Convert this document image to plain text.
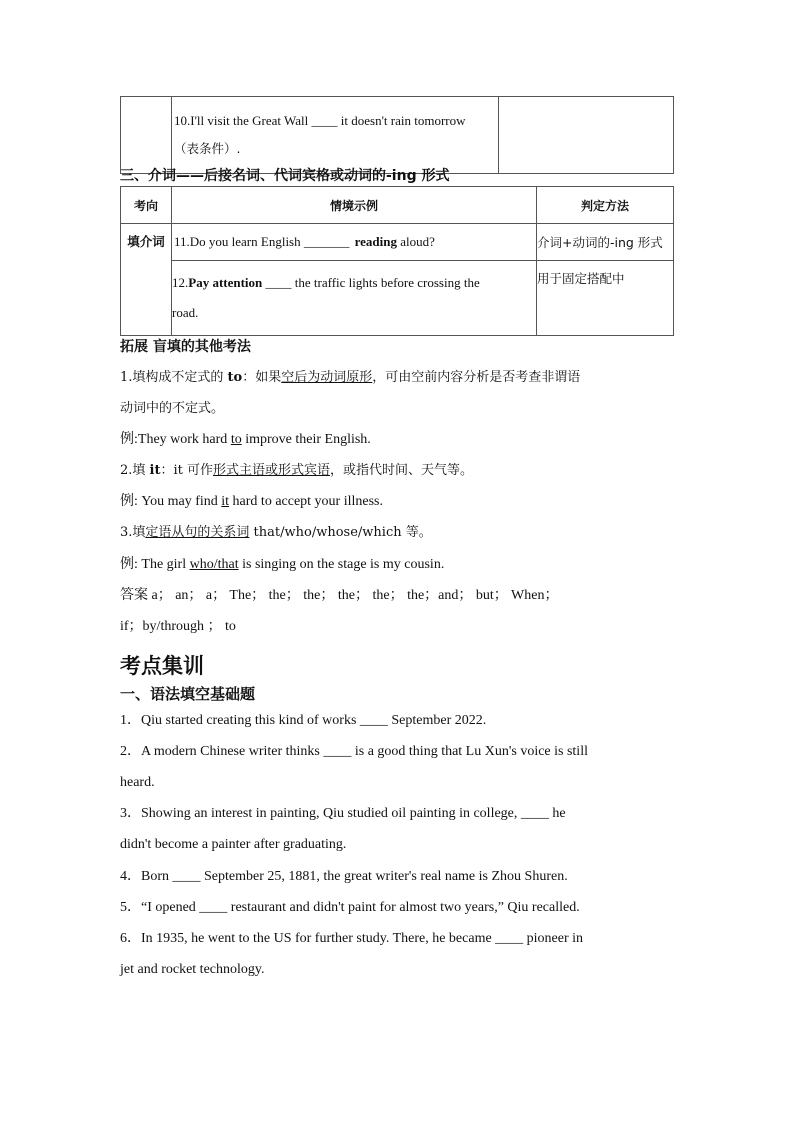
10.I'll visit the Great Wall ____ it doesn't rain tomorrow
（表条件）.

三、介词——后接名词、代词宾格或动词的-ing 形式
考向	情境示例	判定方法
填介词	11.Do you learn English _______ reading aloud?	介词+动词的-ing 形式

	12.Pay attention ____ the traffic lights before crossing the
road.	用于固定搭配中
拓展 盲填的其他考法
1.填构成不定式的 to：如果空后为动词原形，可由空前内容分析是否考查非谓语
动词中的不定式。
例:They work hard to improve their English.
2.填 it：it 可作形式主语或形式宾语，或指代时间、天气等。
例: You may find it hard to accept your illness.
3.填定语从句的关系词 that/who/whose/which 等。
例: The girl who/that is singing on the stage is my cousin.
答案 a； an； a； The； the； the； the； the； the；and； but； When；
if；by/through ； to
考点集训
一、语法填空基础题
1．Qiu started creating this kind of works ____ September 2022.
2．A modern Chinese writer thinks ____ is a good thing that Lu Xun's voice is still
heard.
3．Showing an interest in painting, Qiu studied oil painting in college, ____ he
didn't become a painter after graduating.
4．Born ____ September 25, 1881, the great writer's real name is Zhou Shuren.
5．“I opened ____ restaurant and didn't paint for almost two years,” Qiu recalled.
6．In 1935, he went to the US for further study. There, he became ____ pioneer in
jet and rocket technology.
